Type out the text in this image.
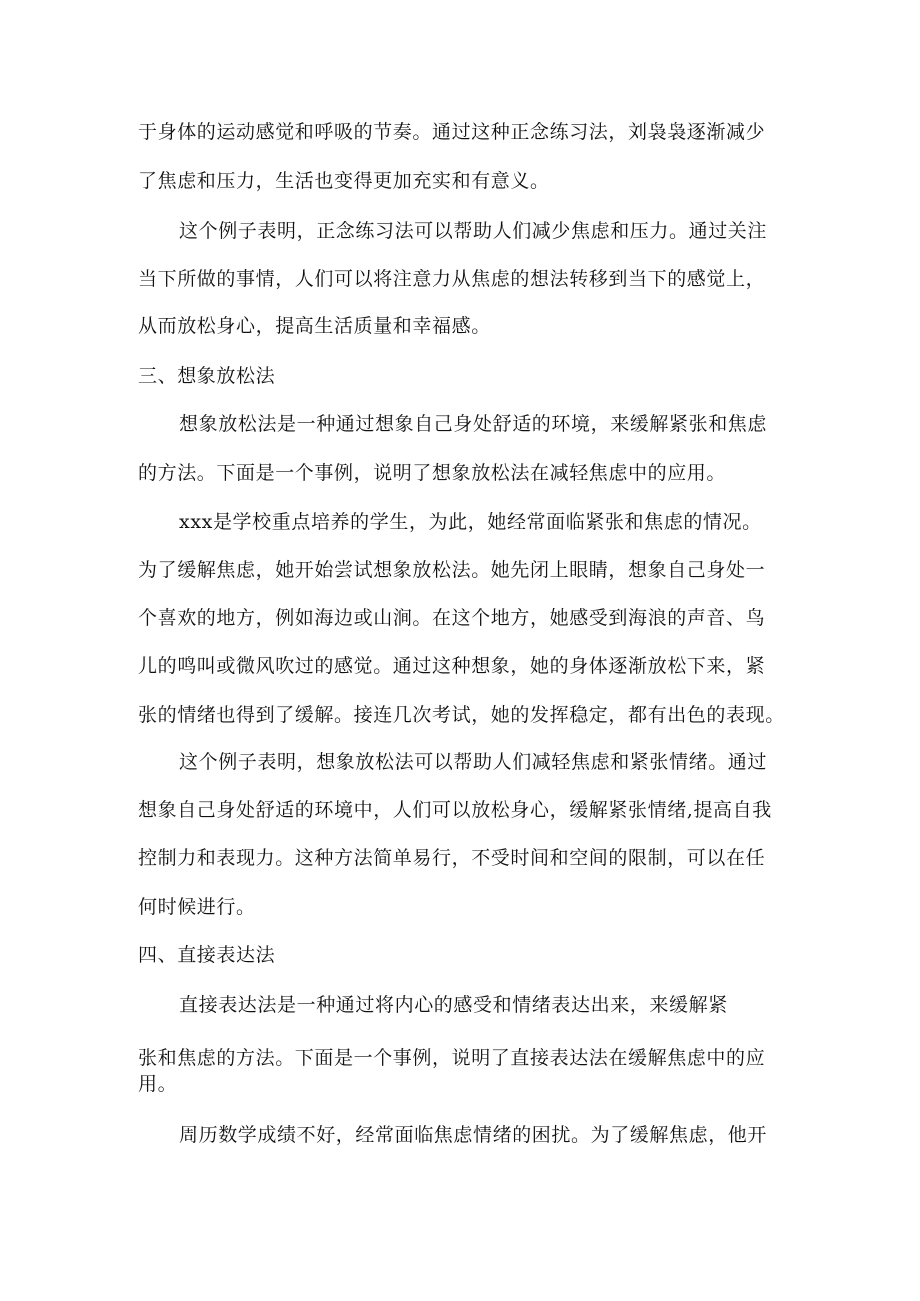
于身体的运动感觉和呼吸的节奏。通过这种正念练习法，刘袅袅逐渐减少
了焦虑和压力，生活也变得更加充实和有意义。
这个例子表明，正念练习法可以帮助人们减少焦虑和压力。通过关注
当下所做的事情，人们可以将注意力从焦虑的想法转移到当下的感觉上，
从而放松身心，提高生活质量和幸福感。
三、想象放松法
想象放松法是一种通过想象自己身处舒适的环境，来缓解紧张和焦虑
的方法。下面是一个事例，说明了想象放松法在减轻焦虑中的应用。
xxx是学校重点培养的学生，为此，她经常面临紧张和焦虑的情况。
为了缓解焦虑，她开始尝试想象放松法。她先闭上眼睛，想象自己身处一
个喜欢的地方，例如海边或山涧。在这个地方，她感受到海浪的声音、鸟
儿的鸣叫或微风吹过的感觉。通过这种想象，她的身体逐渐放松下来，紧
张的情绪也得到了缓解。接连几次考试，她的发挥稳定，都有出色的表现。
这个例子表明，想象放松法可以帮助人们减轻焦虑和紧张情绪。通过
想象自己身处舒适的环境中，人们可以放松身心，缓解紧张情绪,提高自我
控制力和表现力。这种方法简单易行，不受时间和空间的限制，可以在任
何时候进行。
四、直接表达法
直接表达法是一种通过将内心的感受和情绪表达出来，来缓解紧
张和焦虑的方法。下面是一个事例，说明了直接表达法在缓解焦虑中的应
用。
周历数学成绩不好，经常面临焦虑情绪的困扰。为了缓解焦虑，他开
